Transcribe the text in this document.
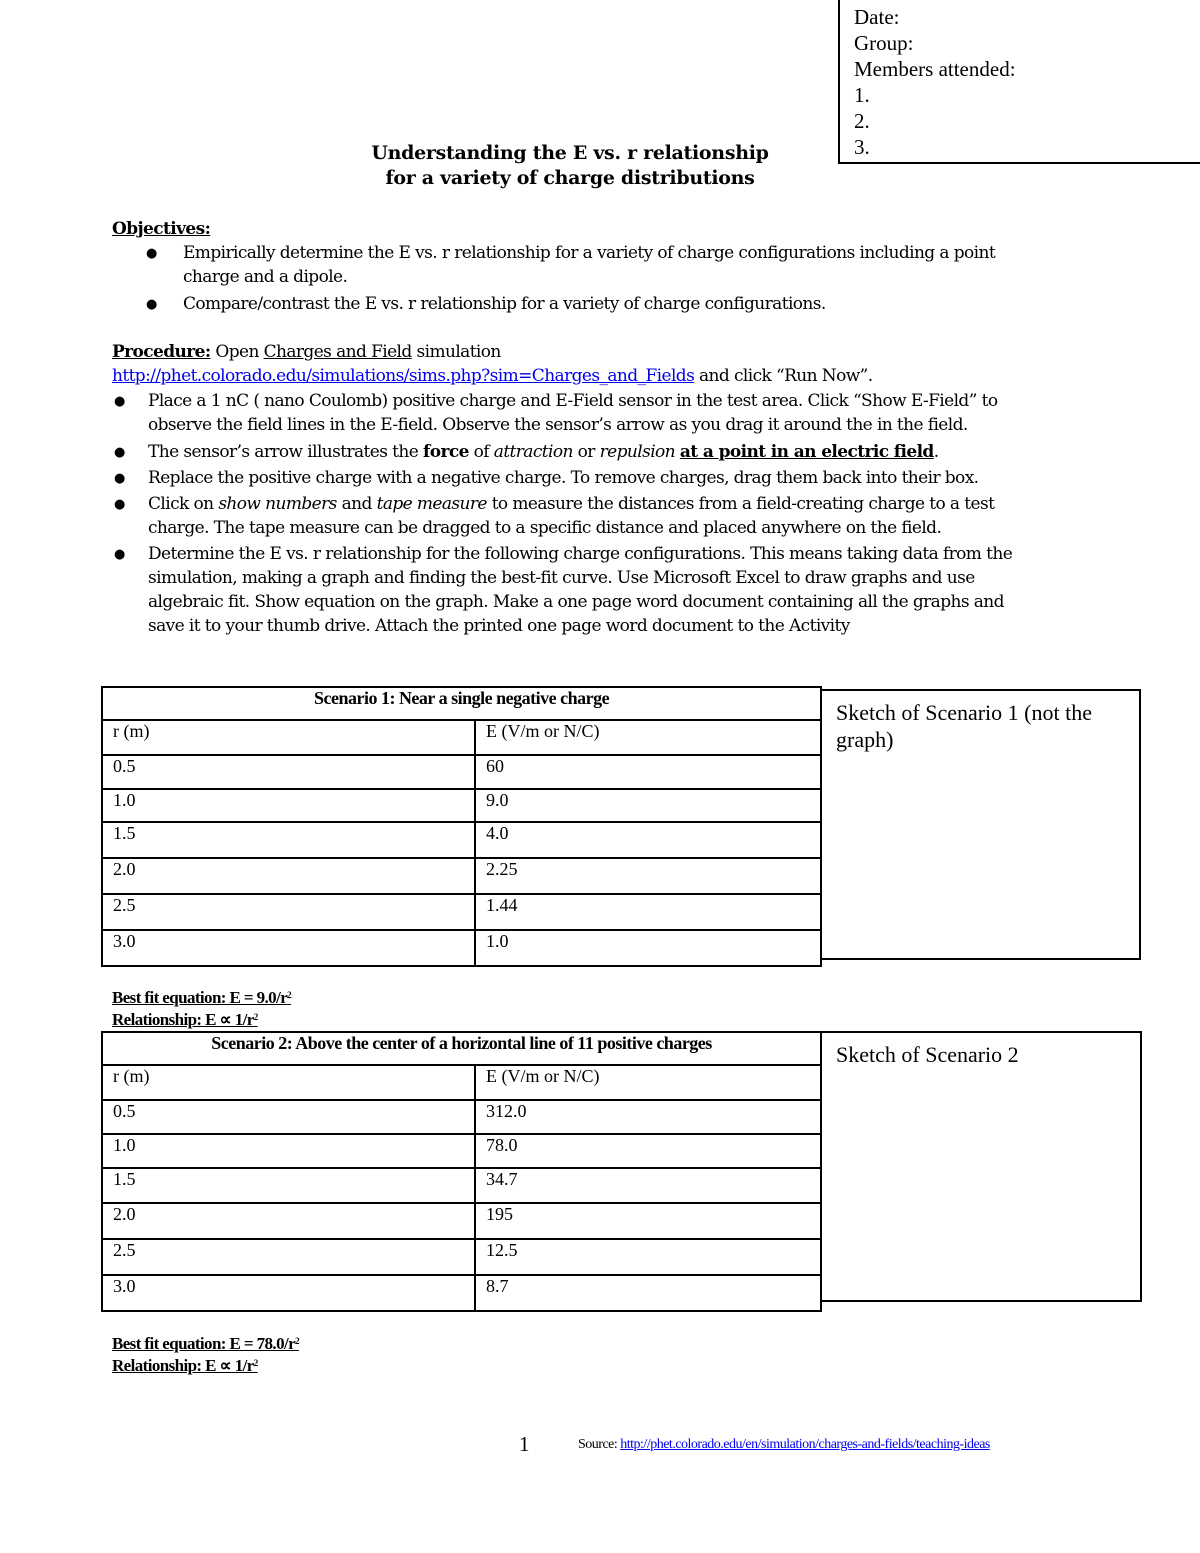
Date:
Group:
Members attended:
1.
2.
3.
Understanding the E vs. r relationship
for a variety of charge distributions
Objectives:
● Empirically determine the E vs. r relationship for a variety of charge configurations including a point
charge and a dipole.
● Compare/contrast the E vs. r relationship for a variety of charge configurations.
Procedure: Open Charges and Field simulation
http://phet.colorado.edu/simulations/sims.php?sim=Charges_and_Fields and click “Run Now”.
● Place a 1 nC ( nano Coulomb) positive charge and E-Field sensor in the test area. Click “Show E-Field” to
observe the field lines in the E-field. Observe the sensor’s arrow as you drag it around the in the field.
● The sensor’s arrow illustrates the force of attraction or repulsion at a point in an electric field.
● Replace the positive charge with a negative charge. To remove charges, drag them back into their box.
● Click on show numbers and tape measure to measure the distances from a field-creating charge to a test
charge. The tape measure can be dragged to a specific distance and placed anywhere on the field.
● Determine the E vs. r relationship for the following charge configurations. This means taking data from the
simulation, making a graph and finding the best-fit curve. Use Microsoft Excel to draw graphs and use
algebraic fit. Show equation on the graph. Make a one page word document containing all the graphs and
save it to your thumb drive. Attach the printed one page word document to the Activity
Scenario 1: Near a single negative charge	
r (m)	E (V/m or N/C)
0.5	60
1.0	9.0
1.5	4.0
2.0	2.25
2.5	1.44
3.0	1.0
Sketch of Scenario 1 (not the graph)
Best fit equation: $E = 9.0/r^2$
Relationship: $E \propto 1/r^2$
Scenario 2: Above the center of a horizontal line of 11 positive charges	
r (m)	E (V/m or N/C)
0.5	312.0
1.0	78.0
1.5	34.7
2.0	195
2.5	12.5
3.0	8.7
Sketch of Scenario 2
Best fit equation: $E = 78.0/r^2$
Relationship: $E \propto 1/r^2$
1	Source: http://phet.colorado.edu/en/simulation/charges-and-fields/teaching-ideas
